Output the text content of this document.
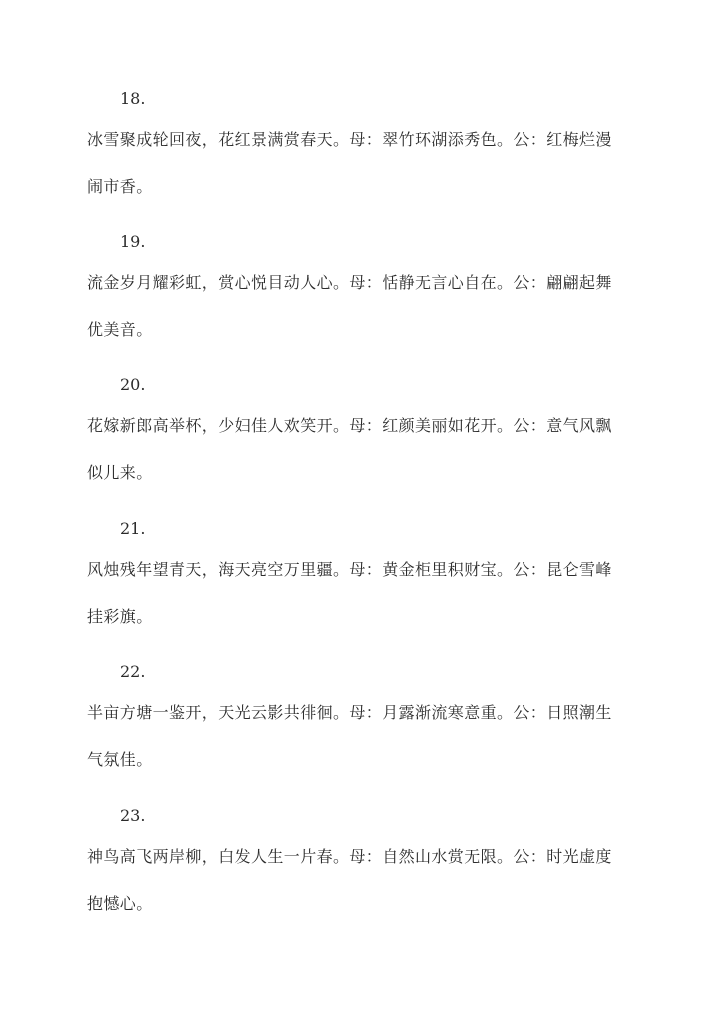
18.
冰雪聚成轮回夜，花红景满赏春天。母：翠竹环湖添秀色。公：红梅烂漫
闹市香。
19.
流金岁月耀彩虹，赏心悦目动人心。母：恬静无言心自在。公：翩翩起舞
优美音。
20.
花嫁新郎高举杯，少妇佳人欢笑开。母：红颜美丽如花开。公：意气风飘
似儿来。
21.
风烛残年望青天，海天亮空万里疆。母：黄金柜里积财宝。公：昆仑雪峰
挂彩旗。
22.
半亩方塘一鉴开，天光云影共徘徊。母：月露渐流寒意重。公：日照潮生
气氛佳。
23.
神鸟高飞两岸柳，白发人生一片春。母：自然山水赏无限。公：时光虚度
抱憾心。
